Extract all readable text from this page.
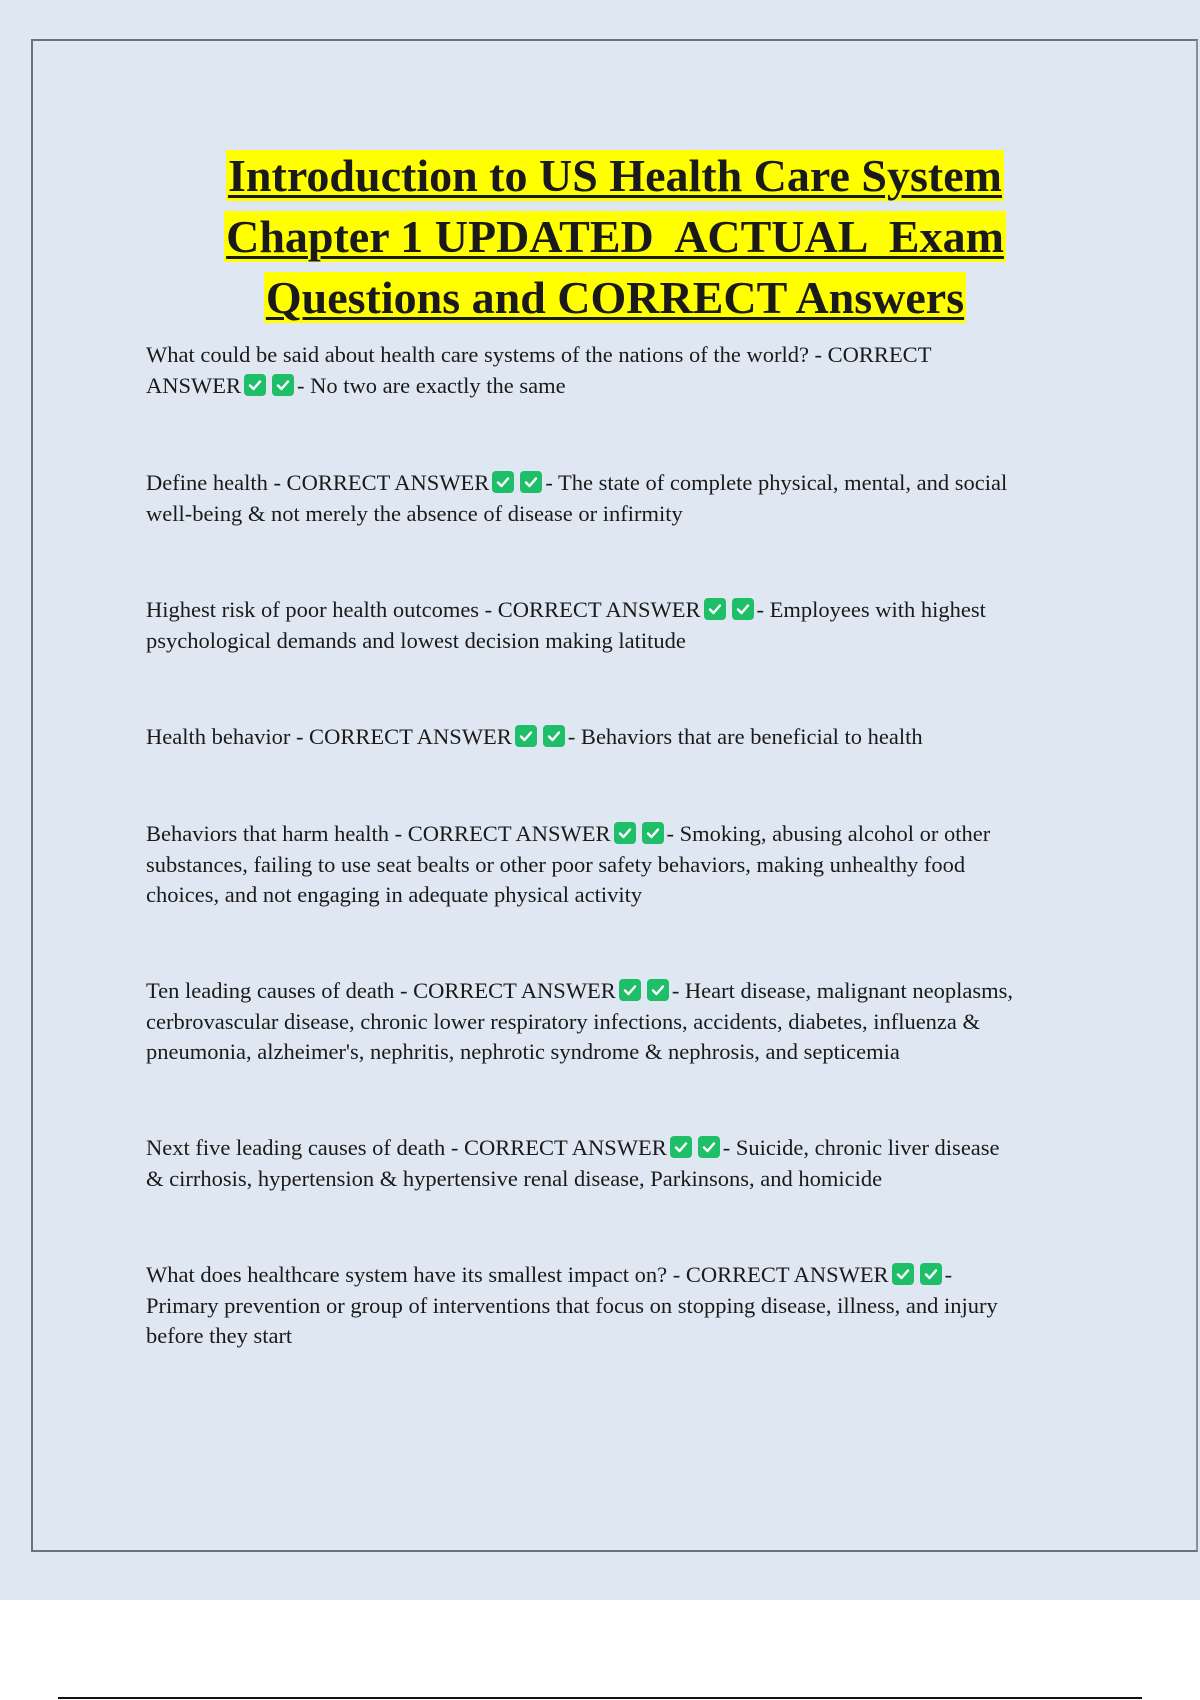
Introduction to US Health Care System
Chapter 1 UPDATED  ACTUAL  Exam
Questions and CORRECT Answers
What could be said about health care systems of the nations of the world? - CORRECT
ANSWER - No two are exactly the same
Define health - CORRECT ANSWER - The state of complete physical, mental, and social
well-being & not merely the absence of disease or infirmity
Highest risk of poor health outcomes - CORRECT ANSWER - Employees with highest
psychological demands and lowest decision making latitude
Health behavior - CORRECT ANSWER - Behaviors that are beneficial to health
Behaviors that harm health - CORRECT ANSWER - Smoking, abusing alcohol or other
substances, failing to use seat bealts or other poor safety behaviors, making unhealthy food
choices, and not engaging in adequate physical activity
Ten leading causes of death - CORRECT ANSWER - Heart disease, malignant neoplasms,
cerbrovascular disease, chronic lower respiratory infections, accidents, diabetes, influenza &
pneumonia, alzheimer's, nephritis, nephrotic syndrome & nephrosis, and septicemia
Next five leading causes of death - CORRECT ANSWER - Suicide, chronic liver disease
& cirrhosis, hypertension & hypertensive renal disease, Parkinsons, and homicide
What does healthcare system have its smallest impact on? - CORRECT ANSWER -
Primary prevention or group of interventions that focus on stopping disease, illness, and injury
before they start
